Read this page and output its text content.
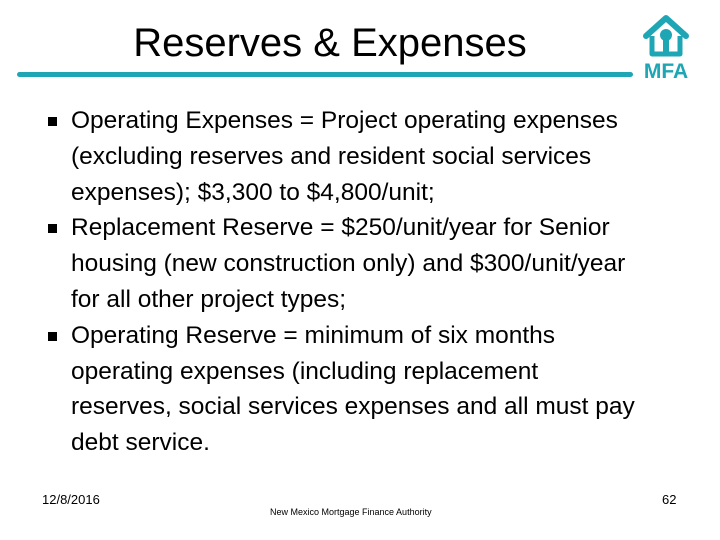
Reserves & Expenses
MFA
Operating Expenses = Project operating expenses (excluding reserves and resident social services expenses); $3,300 to $4,800/unit;
Replacement Reserve = $250/unit/year for Senior housing (new construction only) and $300/unit/year for all other project types;
Operating Reserve = minimum of six months operating expenses (including replacement reserves, social services expenses and all must pay debt service.
12/8/2016
New Mexico Mortgage Finance Authority
62
